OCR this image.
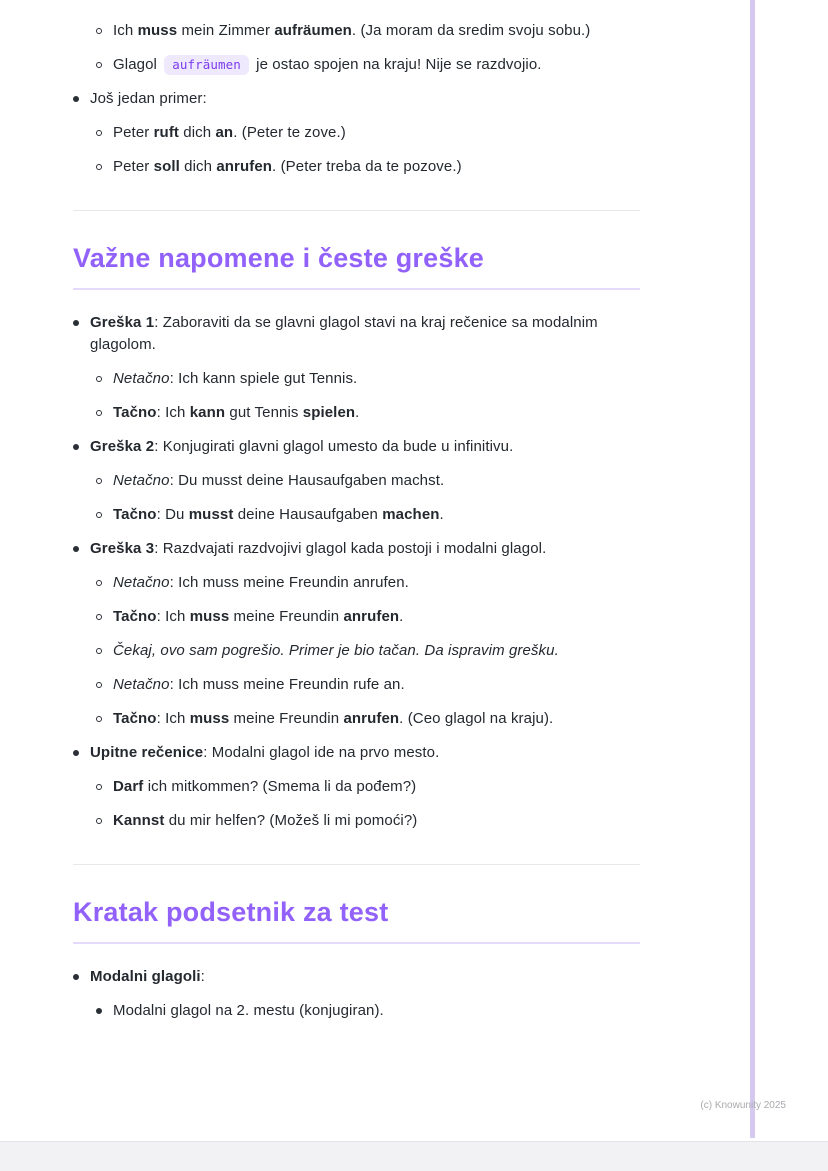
Ich muss mein Zimmer aufräumen. (Ja moram da sredim svoju sobu.)
Glagol aufräumen je ostao spojen na kraju! Nije se razdvojio.
Još jedan primer:
Peter ruft dich an. (Peter te zove.)
Peter soll dich anrufen. (Peter treba da te pozove.)
Važne napomene i česte greške
Greška 1: Zaboraviti da se glavni glagol stavi na kraj rečenice sa modalnim glagolom.
Netačno: Ich kann spiele gut Tennis.
Tačno: Ich kann gut Tennis spielen.
Greška 2: Konjugirati glavni glagol umesto da bude u infinitivu.
Netačno: Du musst deine Hausaufgaben machst.
Tačno: Du musst deine Hausaufgaben machen.
Greška 3: Razdvajati razdvojivi glagol kada postoji i modalni glagol.
Netačno: Ich muss meine Freundin anrufen.
Tačno: Ich muss meine Freundin anrufen.
Čekaj, ovo sam pogrešio. Primer je bio tačan. Da ispravim grešku.
Netačno: Ich muss meine Freundin rufe an.
Tačno: Ich muss meine Freundin anrufen. (Ceo glagol na kraju).
Upitne rečenice: Modalni glagol ide na prvo mesto.
Darf ich mitkommen? (Smema li da pođem?)
Kannst du mir helfen? (Možeš li mi pomoći?)
Kratak podsetnik za test
Modalni glagoli:
Modalni glagol na 2. mestu (konjugiran).
(c) Knowunity 2025
